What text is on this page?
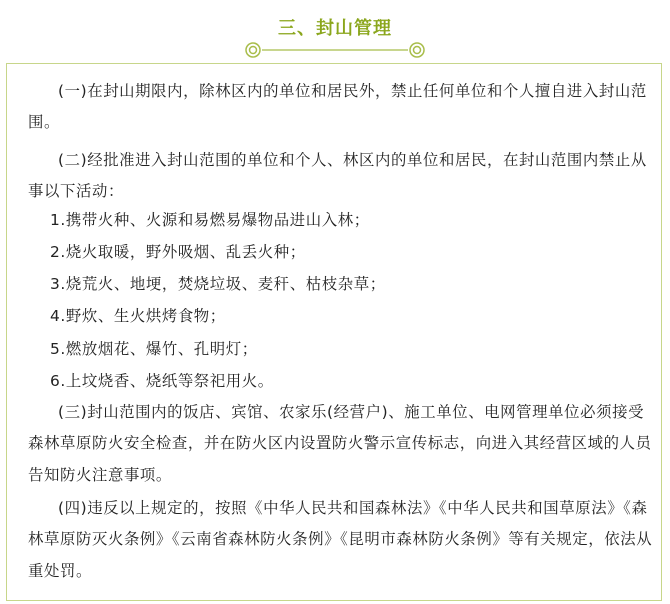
三、封山管理

(一)在封山期限内，除林区内的单位和居民外，禁止任何单位和个人擅自进入封山范围。

(二)经批准进入封山范围的单位和个人、林区内的单位和居民，在封山范围内禁止从事以下活动：

1.携带火种、火源和易燃易爆物品进山入林；

2.烧火取暖，野外吸烟、乱丢火种；

3.烧荒火、地埂，焚烧垃圾、麦秆、枯枝杂草；

4.野炊、生火烘烤食物；

5.燃放烟花、爆竹、孔明灯；

6.上坟烧香、烧纸等祭祀用火。

(三)封山范围内的饭店、宾馆、农家乐(经营户)、施工单位、电网管理单位必须接受森林草原防火安全检查，并在防火区内设置防火警示宣传标志，向进入其经营区域的人员告知防火注意事项。

(四)违反以上规定的，按照《中华人民共和国森林法》《中华人民共和国草原法》《森林草原防灭火条例》《云南省森林防火条例》《昆明市森林防火条例》等有关规定，依法从重处罚。
